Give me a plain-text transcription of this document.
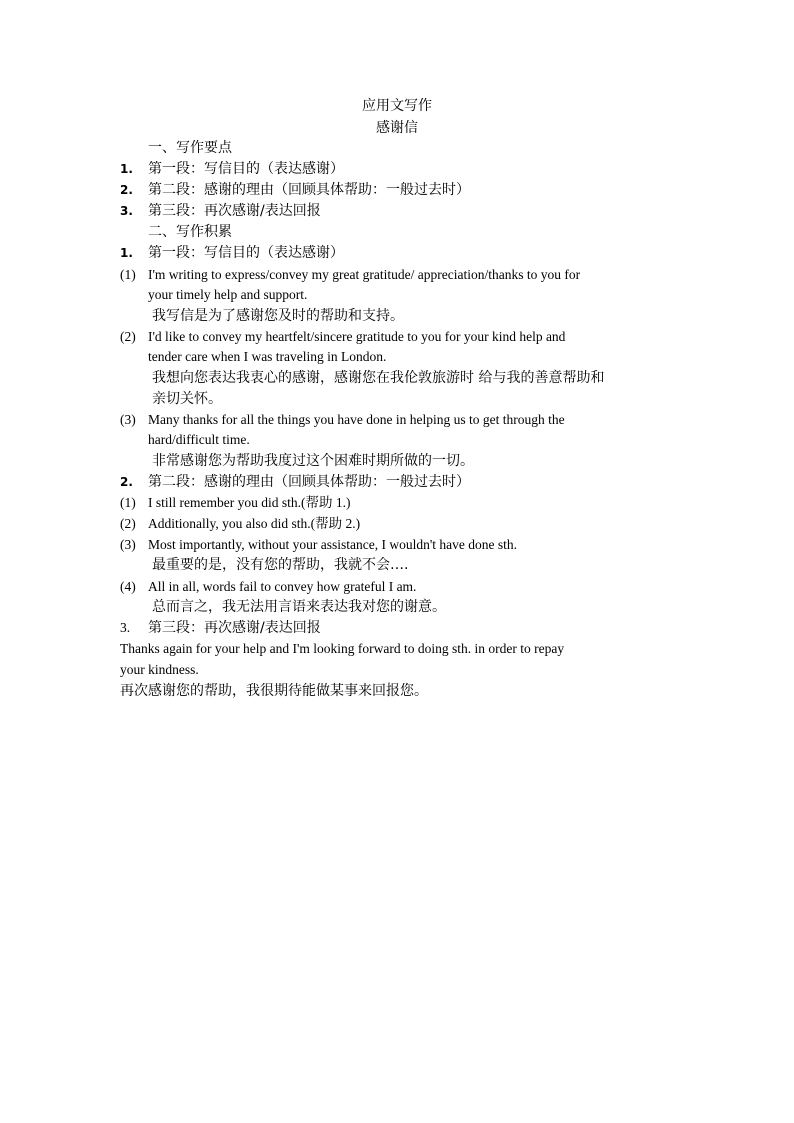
应用文写作
感谢信
一、写作要点
1. 第一段：写信目的（表达感谢）
2. 第二段：感谢的理由（回顾具体帮助：一般过去时）
3. 第三段：再次感谢/表达回报
二、写作积累
1. 第一段：写信目的（表达感谢）
(1) I'm writing to express/convey my great gratitude/ appreciation/thanks to you for
your timely help and support.
我写信是为了感谢您及时的帮助和支持。
(2) I'd like to convey my heartfelt/sincere gratitude to you for your kind help and
tender care when I was traveling in London.
我想向您表达我衷心的感谢，感谢您在我伦敦旅游时 给与我的善意帮助和
亲切关怀。
(3) Many thanks for all the things you have done in helping us to get through the
hard/difficult time.
非常感谢您为帮助我度过这个困难时期所做的一切。
2. 第二段：感谢的理由（回顾具体帮助：一般过去时）
(1) I still remember you did sth.(帮助 1.)
(2) Additionally, you also did sth.(帮助 2.)
(3) Most importantly, without your assistance, I wouldn't have done sth.
最重要的是，没有您的帮助，我就不会….
(4) All in all, words fail to convey how grateful I am.
总而言之，我无法用言语来表达我对您的谢意。
3. 第三段：再次感谢/表达回报
Thanks again for your help and I'm looking forward to doing sth. in order to repay
your kindness.
再次感谢您的帮助，我很期待能做某事来回报您。
